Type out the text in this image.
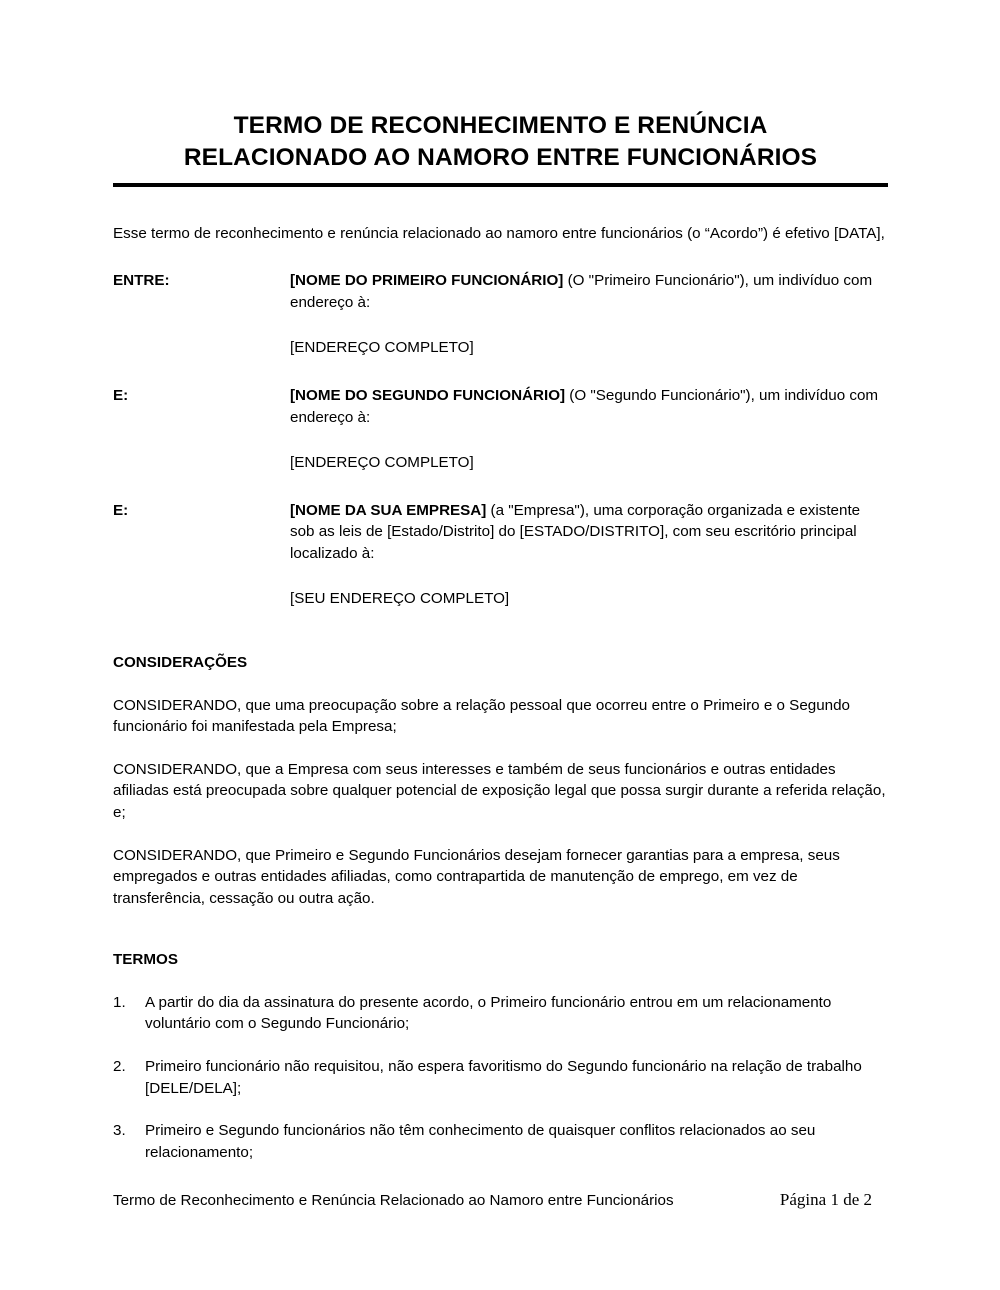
TERMO DE RECONHECIMENTO E RENÚNCIA
RELACIONADO AO NAMORO ENTRE FUNCIONÁRIOS

Esse termo de reconhecimento e renúncia relacionado ao namoro entre funcionários (o “Acordo”) é efetivo [DATA],

ENTRE:	[NOME DO PRIMEIRO FUNCIONÁRIO] (O "Primeiro Funcionário"), um indivíduo com endereço à:
[ENDEREÇO COMPLETO]
E:	[NOME DO SEGUNDO FUNCIONÁRIO] (O "Segundo Funcionário"), um indivíduo com endereço à:
[ENDEREÇO COMPLETO]
E:	[NOME DA SUA EMPRESA] (a "Empresa"), uma corporação organizada e existente sob as leis de [Estado/Distrito] do [ESTADO/DISTRITO], com seu escritório principal localizado à:
[SEU ENDEREÇO COMPLETO]
CONSIDERAÇÕES

CONSIDERANDO, que uma preocupação sobre a relação pessoal que ocorreu entre o Primeiro e o Segundo funcionário foi manifestada pela Empresa;

CONSIDERANDO, que a Empresa com seus interesses e também de seus funcionários e outras entidades afiliadas está preocupada sobre qualquer potencial de exposição legal que possa surgir durante a referida relação, e;

CONSIDERANDO, que Primeiro e Segundo Funcionários desejam fornecer garantias para a empresa, seus empregados e outras entidades afiliadas, como contrapartida de manutenção de emprego, em vez de transferência, cessação ou outra ação.

TERMOS
1.	A partir do dia da assinatura do presente acordo, o Primeiro funcionário entrou em um relacionamento voluntário com o Segundo Funcionário;
2.	Primeiro funcionário não requisitou, não espera favoritismo do Segundo funcionário na relação de trabalho [DELE/DELA];
3.	Primeiro e Segundo funcionários não têm conhecimento de quaisquer conflitos relacionados ao seu relacionamento;
Termo de Reconhecimento e Renúncia Relacionado ao Namoro entre Funcionários	Página 1 de 2
